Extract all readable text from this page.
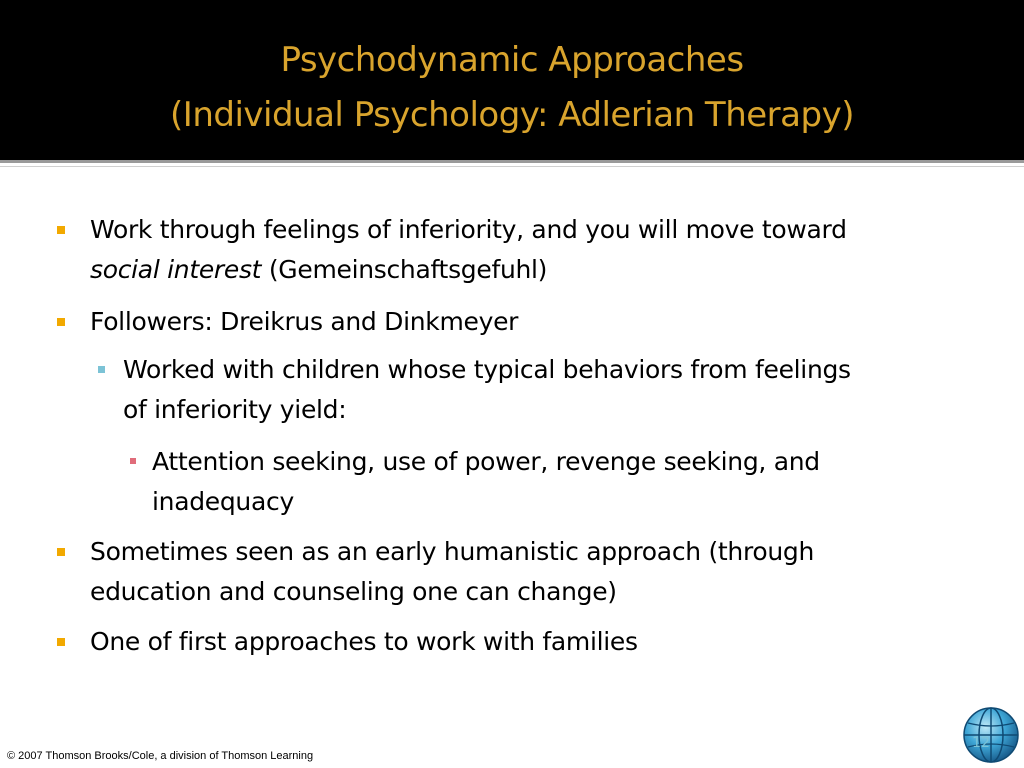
Psychodynamic Approaches
(Individual Psychology: Adlerian Therapy)
Work through feelings of inferiority, and you will move toward
social interest (Gemeinschaftsgefuhl)
Followers: Dreikrus and Dinkmeyer
Worked with children whose typical behaviors from feelings
of inferiority yield:
Attention seeking, use of power, revenge seeking, and
inadequacy
Sometimes seen as an early humanistic approach (through
education and counseling one can change)
One of first approaches to work with families
© 2007 Thomson Brooks/Cole, a division of Thomson Learning
12
